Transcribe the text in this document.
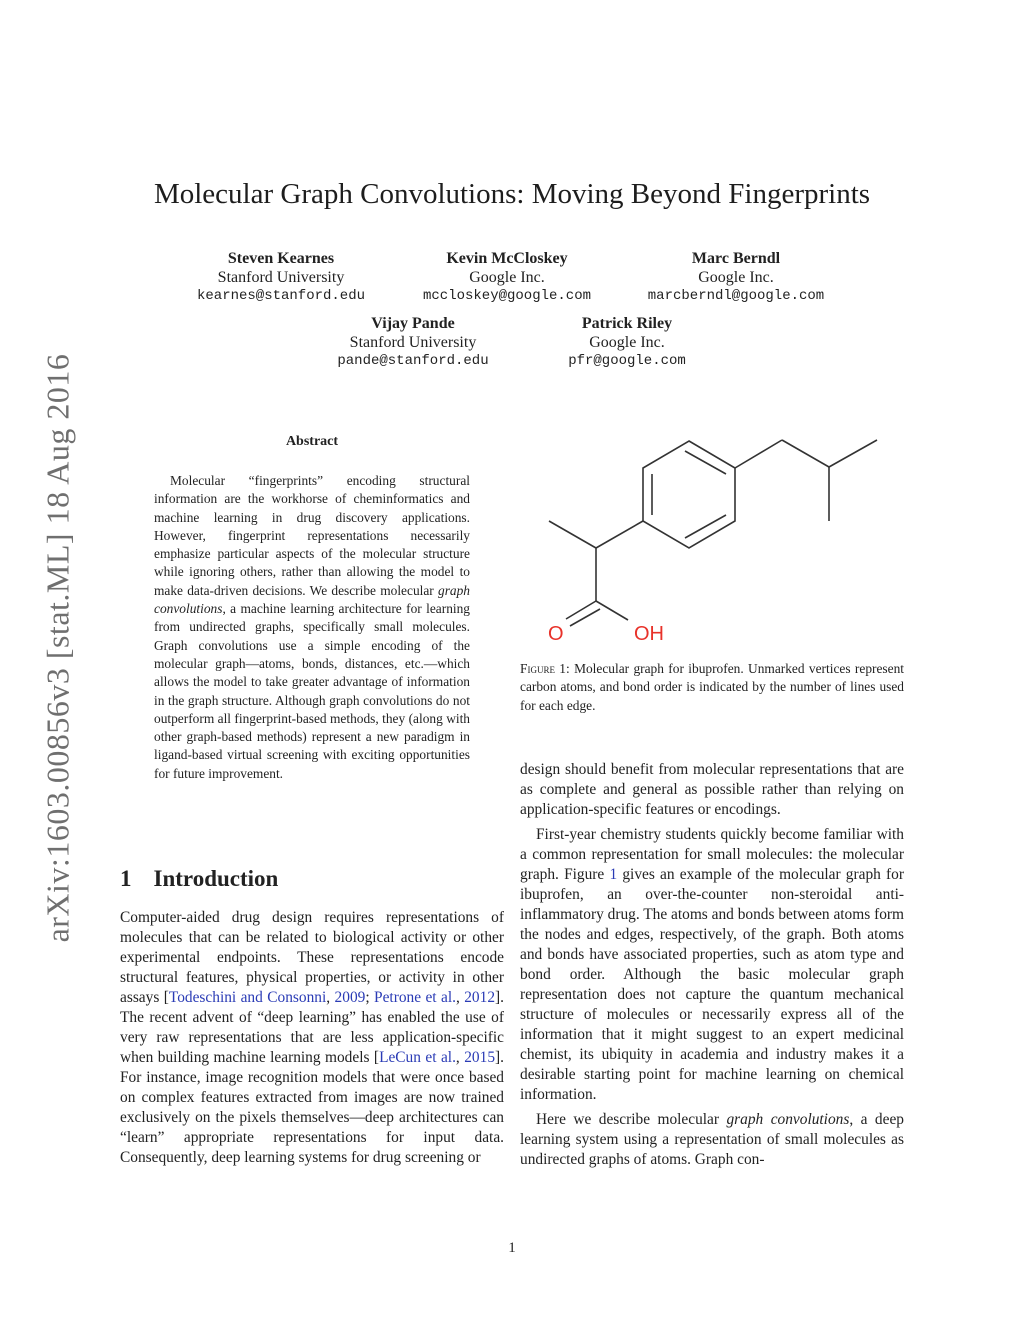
arXiv:1603.00856v3 [stat.ML] 18 Aug 2016
Molecular Graph Convolutions: Moving Beyond Fingerprints
Steven Kearnes
Stanford University
kearnes@stanford.edu
Kevin McCloskey
Google Inc.
mccloskey@google.com
Marc Berndl
Google Inc.
marcberndl@google.com
Vijay Pande
Stanford University
pande@stanford.edu
Patrick Riley
Google Inc.
pfr@google.com
Abstract

Molecular “fingerprints” encoding structural information are the workhorse of cheminformatics and machine learning in drug discovery applications. However, fingerprint representations necessarily emphasize particular aspects of the molecular structure while ignoring others, rather than allowing the model to make data-driven decisions. We describe molecular graph convolutions, a machine learning architecture for learning from undirected graphs, specifically small molecules. Graph convolutions use a simple encoding of the molecular graph—atoms, bonds, distances, etc.—which allows the model to take greater advantage of information in the graph structure. Although graph convolutions do not outperform all fingerprint-based methods, they (along with other graph-based methods) represent a new paradigm in ligand-based virtual screening with exciting opportunities for future improvement.

1 Introduction

Computer-aided drug design requires representations of molecules that can be related to biological activity or other experimental endpoints. These representations encode structural features, physical properties, or activity in other assays [Todeschini and Consonni, 2009; Petrone et al., 2012]. The recent advent of “deep learning” has enabled the use of very raw representations that are less application-specific when building machine learning models [LeCun et al., 2015]. For instance, image recognition models that were once based on complex features extracted from images are now trained exclusively on the pixels themselves—deep architectures can “learn” appropriate representations for input data. Consequently, deep learning systems for drug screening or

O	OH

Figure 1: Molecular graph for ibuprofen. Unmarked vertices represent carbon atoms, and bond order is indicated by the number of lines used for each edge.

design should benefit from molecular representations that are as complete and general as possible rather than relying on application-specific features or encodings.

First-year chemistry students quickly become familiar with a common representation for small molecules: the molecular graph. Figure 1 gives an example of the molecular graph for ibuprofen, an over-the-counter non-steroidal anti-inflammatory drug. The atoms and bonds between atoms form the nodes and edges, respectively, of the graph. Both atoms and bonds have associated properties, such as atom type and bond order. Although the basic molecular graph representation does not capture the quantum mechanical structure of molecules or necessarily express all of the information that it might suggest to an expert medicinal chemist, its ubiquity in academia and industry makes it a desirable starting point for machine learning on chemical information.

Here we describe molecular graph convolutions, a deep learning system using a representation of small molecules as undirected graphs of atoms. Graph con-

1
